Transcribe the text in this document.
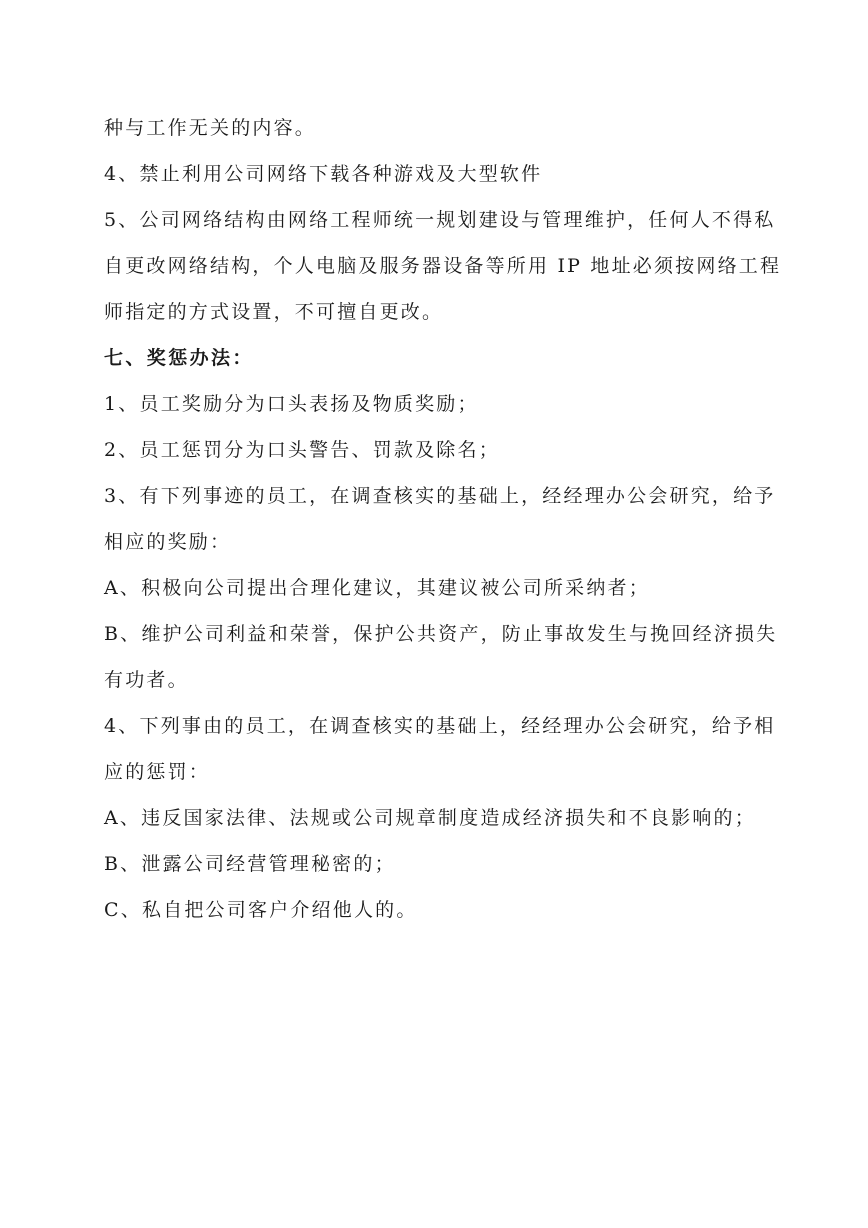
种与工作无关的内容。
4、禁止利用公司网络下载各种游戏及大型软件
5、公司网络结构由网络工程师统一规划建设与管理维护，任何人不得私
自更改网络结构，个人电脑及服务器设备等所用 IP 地址必须按网络工程
师指定的方式设置，不可擅自更改。
七、奖惩办法：
1、员工奖励分为口头表扬及物质奖励；
2、员工惩罚分为口头警告、罚款及除名；
3、有下列事迹的员工，在调查核实的基础上，经经理办公会研究，给予
相应的奖励：
A、积极向公司提出合理化建议，其建议被公司所采纳者；
B、维护公司利益和荣誉，保护公共资产，防止事故发生与挽回经济损失
有功者。
4、下列事由的员工，在调查核实的基础上，经经理办公会研究，给予相
应的惩罚：
A、违反国家法律、法规或公司规章制度造成经济损失和不良影响的；
B、泄露公司经营管理秘密的；
C、私自把公司客户介绍他人的。
